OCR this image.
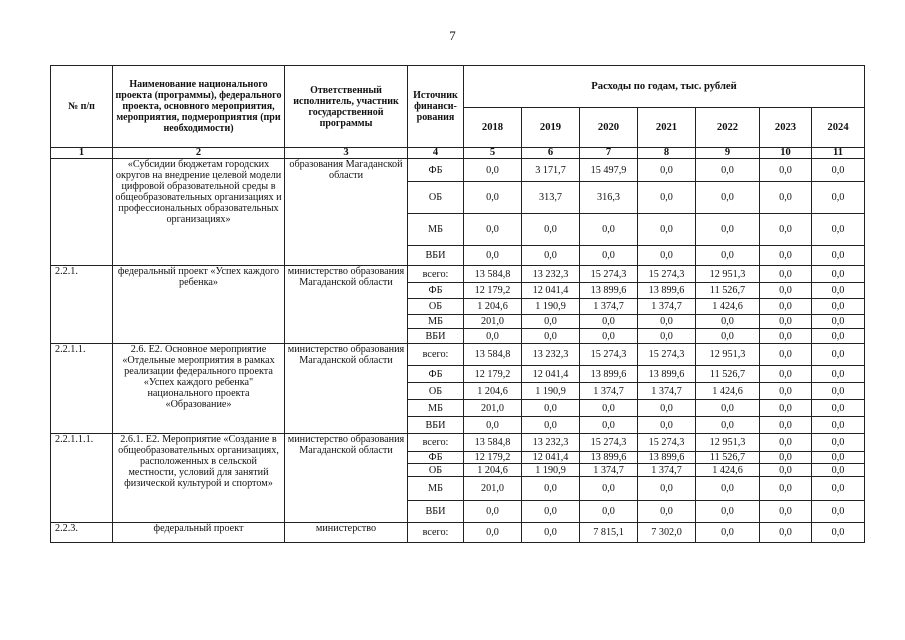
7
№ п/п	Наименование национального проекта (программы), федерального проекта, основного мероприятия, мероприятия, подмероприятия (при необходимости)	Ответственный исполнитель, участник государственной программы	Источник финанси-рования	Расходы по годам, тыс. рублей						
				2018	2019	2020	2021	2022	2023	2024
1	2	3	4	5	6	7	8	9	10	11
	«Субсидии бюджетам городских округов на внедрение целевой модели цифровой образовательной среды в общеобразовательных организациях и профессиональных образовательных организациях»	образования Магаданской области	ФБ	0,0	3 171,7	15 497,9	0,0	0,0	0,0	0,0
			ОБ	0,0	313,7	316,3	0,0	0,0	0,0	0,0
			МБ	0,0	0,0	0,0	0,0	0,0	0,0	0,0
			ВБИ	0,0	0,0	0,0	0,0	0,0	0,0	0,0
2.2.1.	федеральный проект «Успех каждого ребенка»	министерство образования Магаданской области	всего:	13 584,8	13 232,3	15 274,3	15 274,3	12 951,3	0,0	0,0
			ФБ	12 179,2	12 041,4	13 899,6	13 899,6	11 526,7	0,0	0,0
			ОБ	1 204,6	1 190,9	1 374,7	1 374,7	1 424,6	0,0	0,0
			МБ	201,0	0,0	0,0	0,0	0,0	0,0	0,0
			ВБИ	0,0	0,0	0,0	0,0	0,0	0,0	0,0
2.2.1.1.	2.6. Е2. Основное мероприятие «Отдельные мероприятия в рамках реализации федерального проекта «Успех каждого ребенка" национального проекта «Образование»	министерство образования Магаданской области	всего:	13 584,8	13 232,3	15 274,3	15 274,3	12 951,3	0,0	0,0
			ФБ	12 179,2	12 041,4	13 899,6	13 899,6	11 526,7	0,0	0,0
			ОБ	1 204,6	1 190,9	1 374,7	1 374,7	1 424,6	0,0	0,0
			МБ	201,0	0,0	0,0	0,0	0,0	0,0	0,0
			ВБИ	0,0	0,0	0,0	0,0	0,0	0,0	0,0
2.2.1.1.1.	2.6.1. Е2. Мероприятие «Создание в общеобразовательных организациях, расположенных в сельской местности, условий для занятий физической культурой и спортом»	министерство образования Магаданской области	всего:	13 584,8	13 232,3	15 274,3	15 274,3	12 951,3	0,0	0,0
			ФБ	12 179,2	12 041,4	13 899,6	13 899,6	11 526,7	0,0	0,0
			ОБ	1 204,6	1 190,9	1 374,7	1 374,7	1 424,6	0,0	0,0
			МБ	201,0	0,0	0,0	0,0	0,0	0,0	0,0
			ВБИ	0,0	0,0	0,0	0,0	0,0	0,0	0,0
2.2.3.	федеральный проект	министерство	всего:	0,0	0,0	7 815,1	7 302,0	0,0	0,0	0,0
